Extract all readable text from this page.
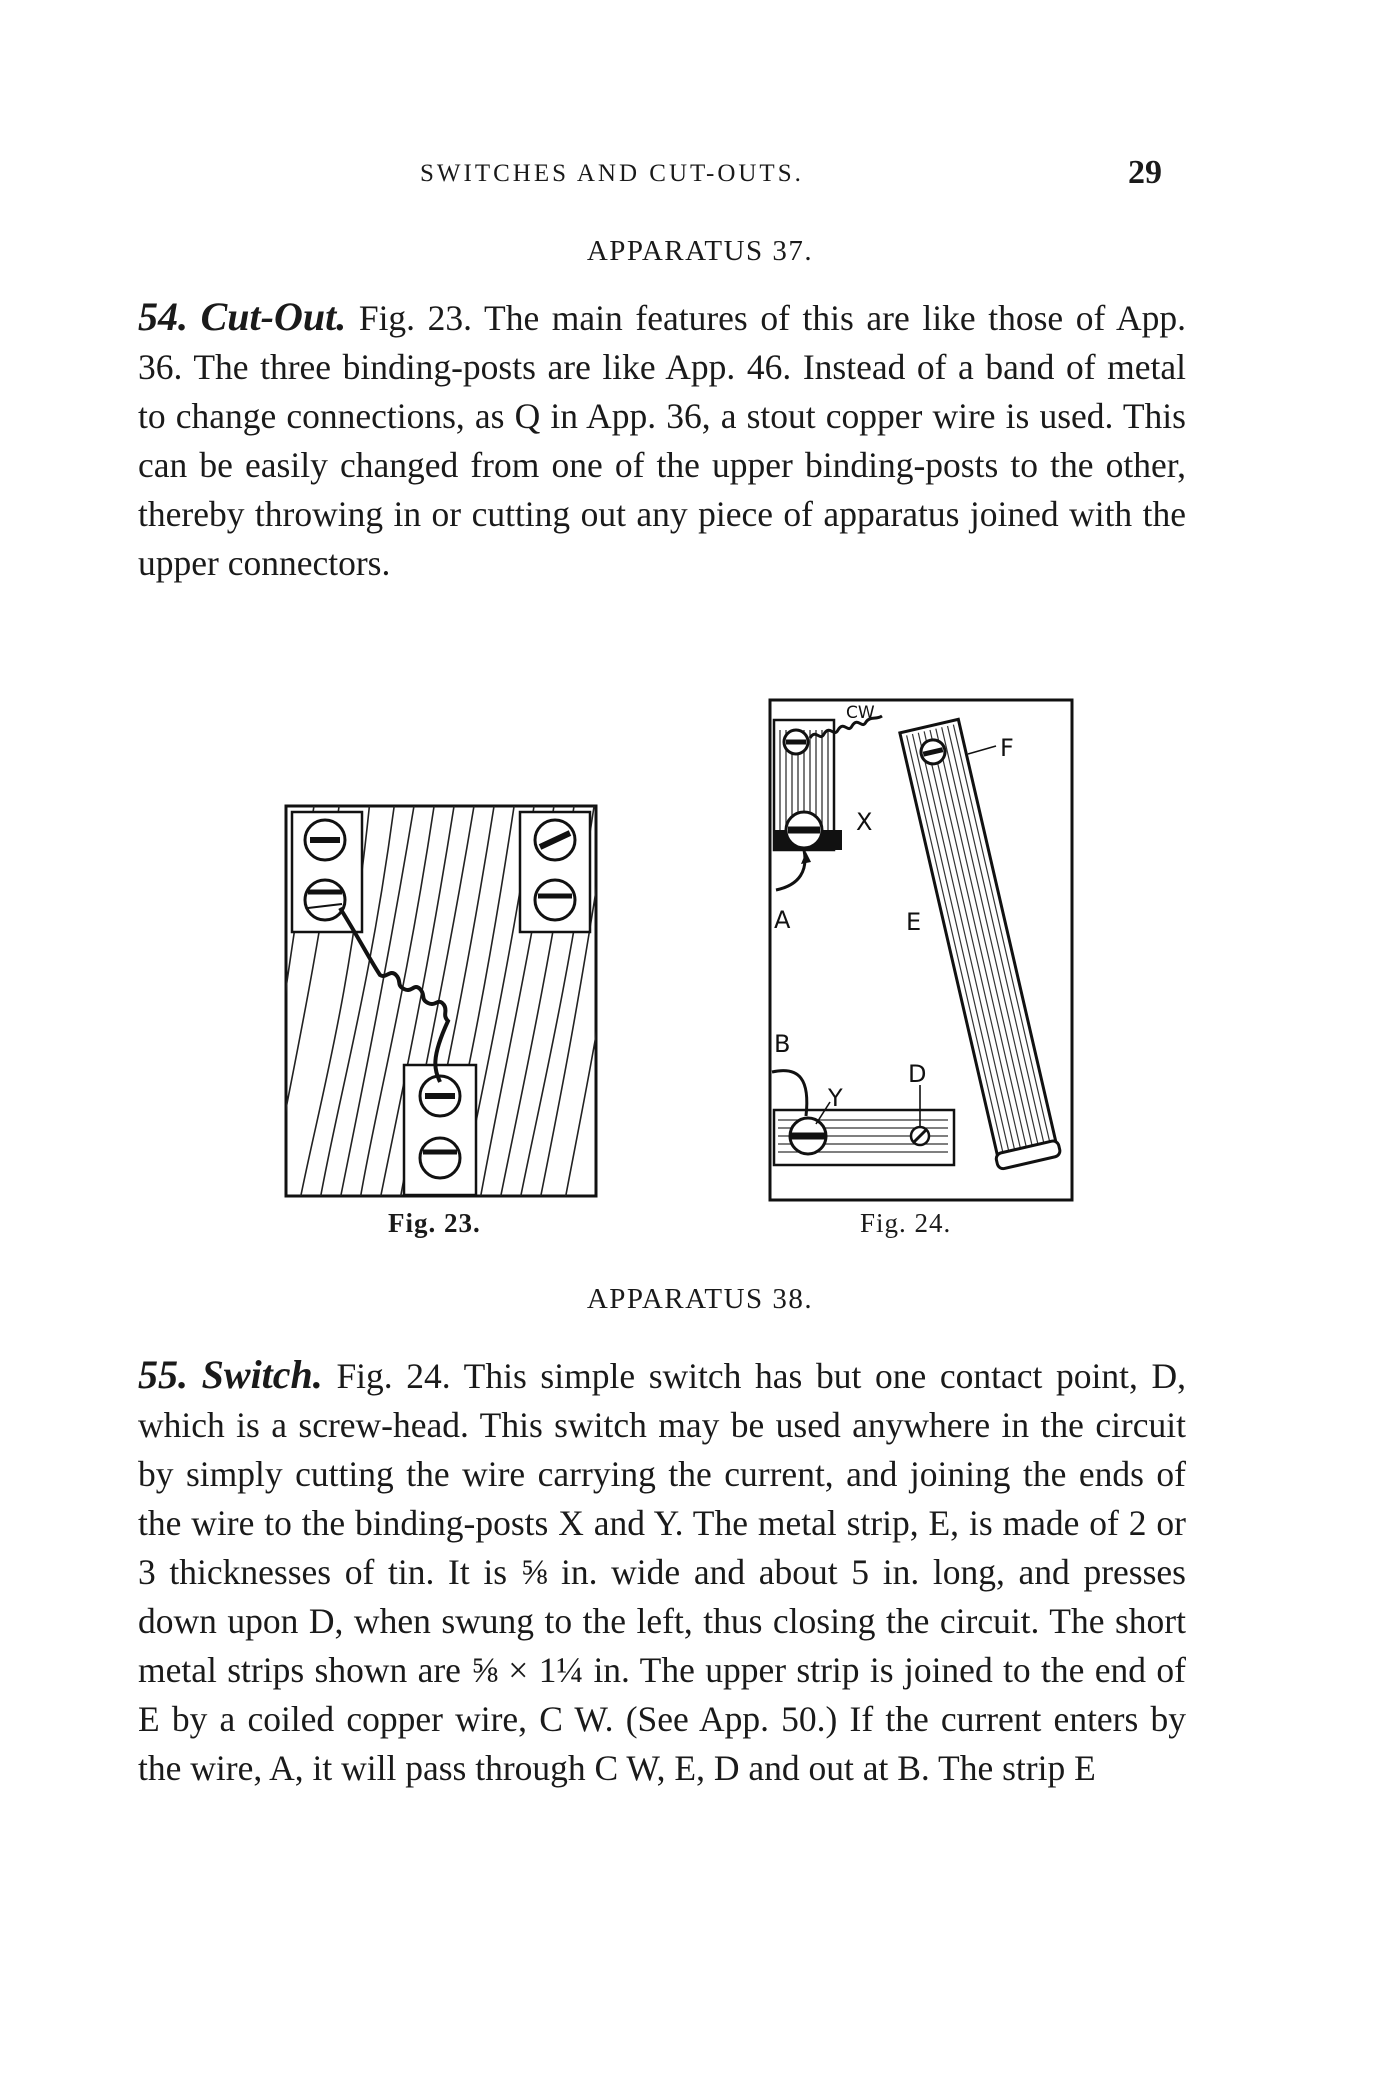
SWITCHES AND CUT-OUTS.	29
APPARATUS 37.

54. Cut-Out. Fig. 23. The main features of this are like those of App. 36. The three binding-posts are like App. 46. Instead of a band of metal to change connections, as Q in App. 36, a stout copper wire is used. This can be easily changed from one of the upper binding-posts to the other, thereby throwing in or cutting out any piece of apparatus joined with the upper connectors.

Fig. 23.
CW
F
X
A	E
B
D
Y
Fig. 24.
APPARATUS 38.

55. Switch. Fig. 24. This simple switch has but one contact point, D, which is a screw-head. This switch may be used anywhere in the circuit by simply cutting the wire carrying the current, and joining the ends of the wire to the binding-posts X and Y. The metal strip, E, is made of 2 or 3 thicknesses of tin. It is ⅝ in. wide and about 5 in. long, and presses down upon D, when swung to the left, thus closing the circuit. The short metal strips shown are ⅝ × 1¼ in. The upper strip is joined to the end of E by a coiled copper wire, C W. (See App. 50.) If the current enters by the wire, A, it will pass through C W, E, D and out at B. The strip E
